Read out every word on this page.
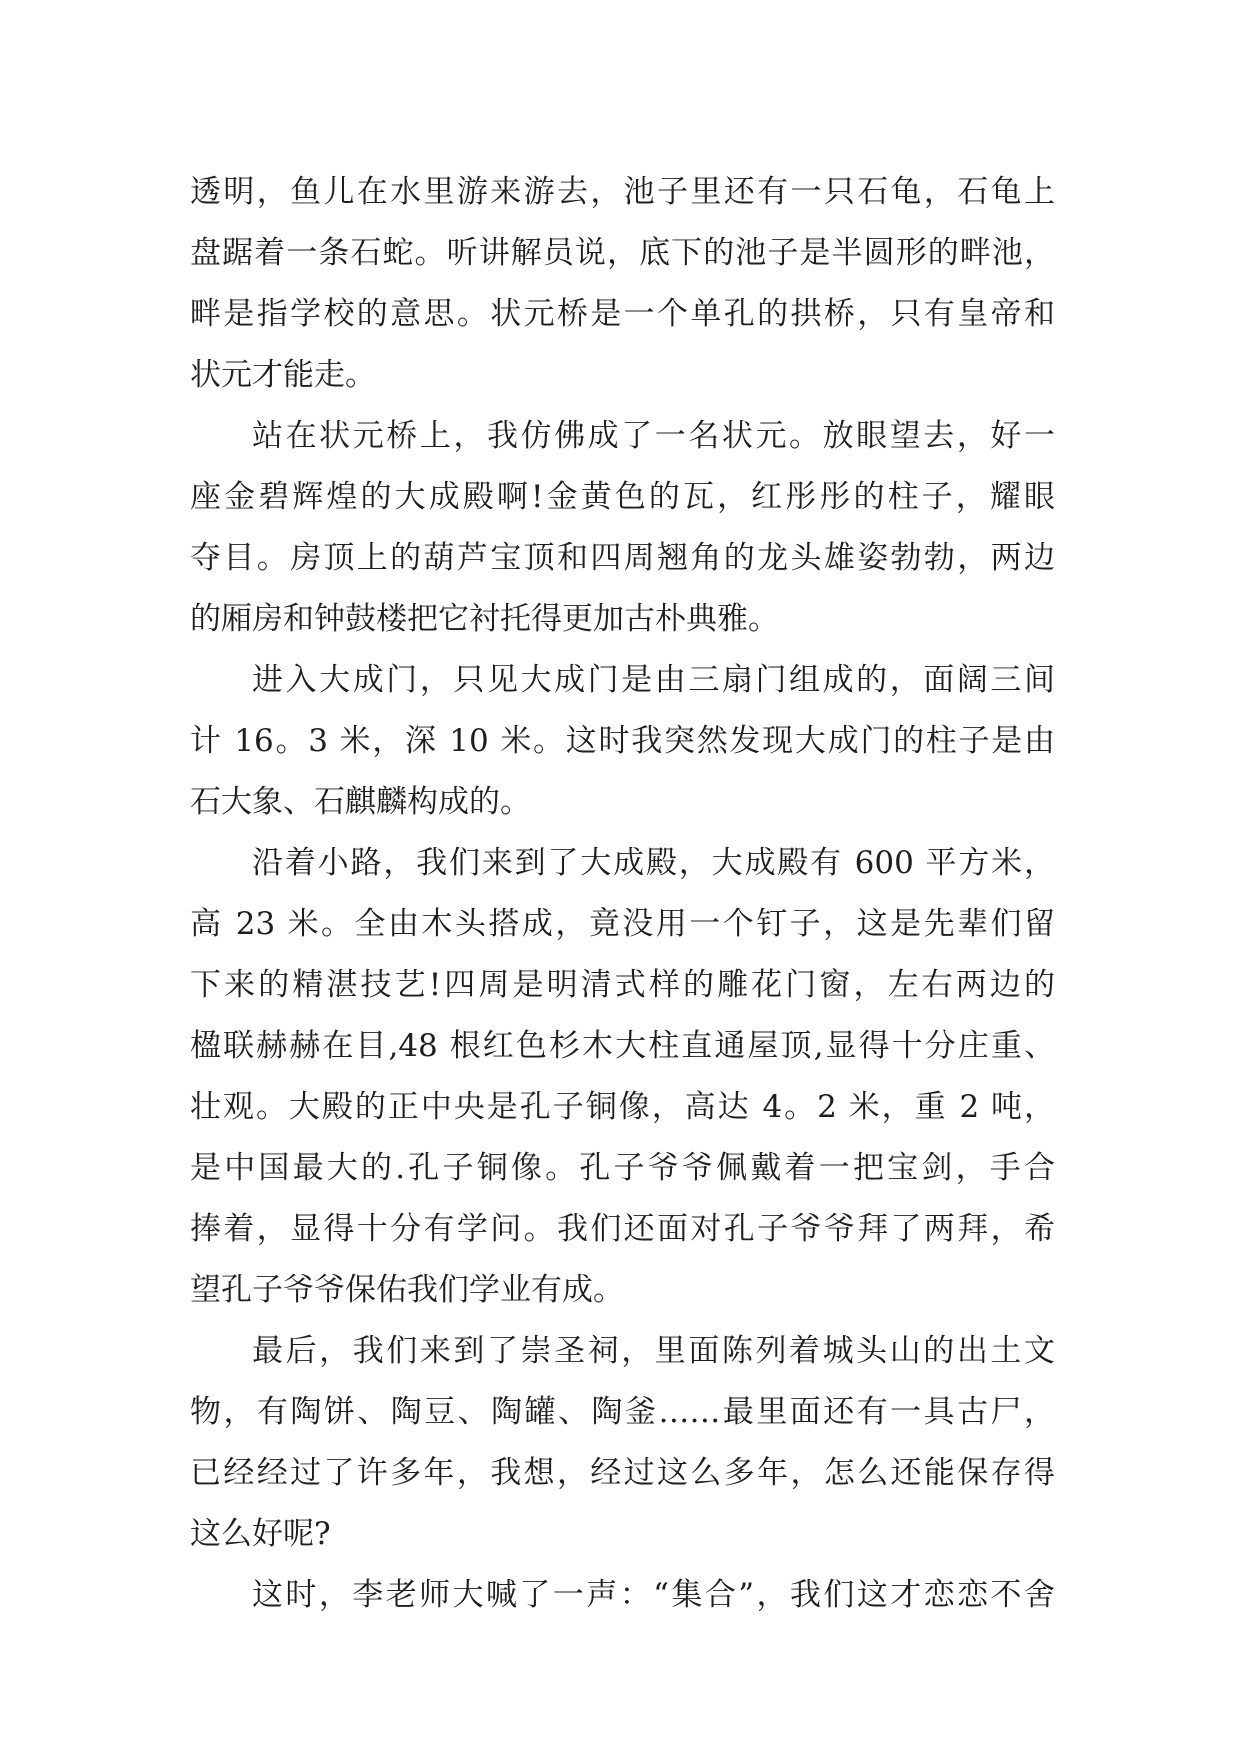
透明，鱼儿在水里游来游去，池子里还有一只石龟，石龟上
盘踞着一条石蛇。听讲解员说，底下的池子是半圆形的畔池，
畔是指学校的意思。状元桥是一个单孔的拱桥，只有皇帝和
状元才能走。
站在状元桥上，我仿佛成了一名状元。放眼望去，好一
座金碧辉煌的大成殿啊!金黄色的瓦，红彤彤的柱子，耀眼
夺目。房顶上的葫芦宝顶和四周翘角的龙头雄姿勃勃，两边
的厢房和钟鼓楼把它衬托得更加古朴典雅。
进入大成门，只见大成门是由三扇门组成的，面阔三间
计 16。3 米，深 10 米。这时我突然发现大成门的柱子是由
石大象、石麒麟构成的。
沿着小路，我们来到了大成殿，大成殿有 600 平方米，
高 23 米。全由木头搭成，竟没用一个钉子，这是先辈们留
下来的精湛技艺!四周是明清式样的雕花门窗，左右两边的
楹联赫赫在目,48 根红色杉木大柱直通屋顶,显得十分庄重、
壮观。大殿的正中央是孔子铜像，高达 4。2 米，重 2 吨，
是中国最大的.孔子铜像。孔子爷爷佩戴着一把宝剑，手合
捧着，显得十分有学问。我们还面对孔子爷爷拜了两拜，希
望孔子爷爷保佑我们学业有成。
最后，我们来到了崇圣祠，里面陈列着城头山的出土文
物，有陶饼、陶豆、陶罐、陶釜……最里面还有一具古尸，
已经经过了许多年，我想，经过这么多年，怎么还能保存得
这么好呢?
这时，李老师大喊了一声：“集合”，我们这才恋恋不舍
